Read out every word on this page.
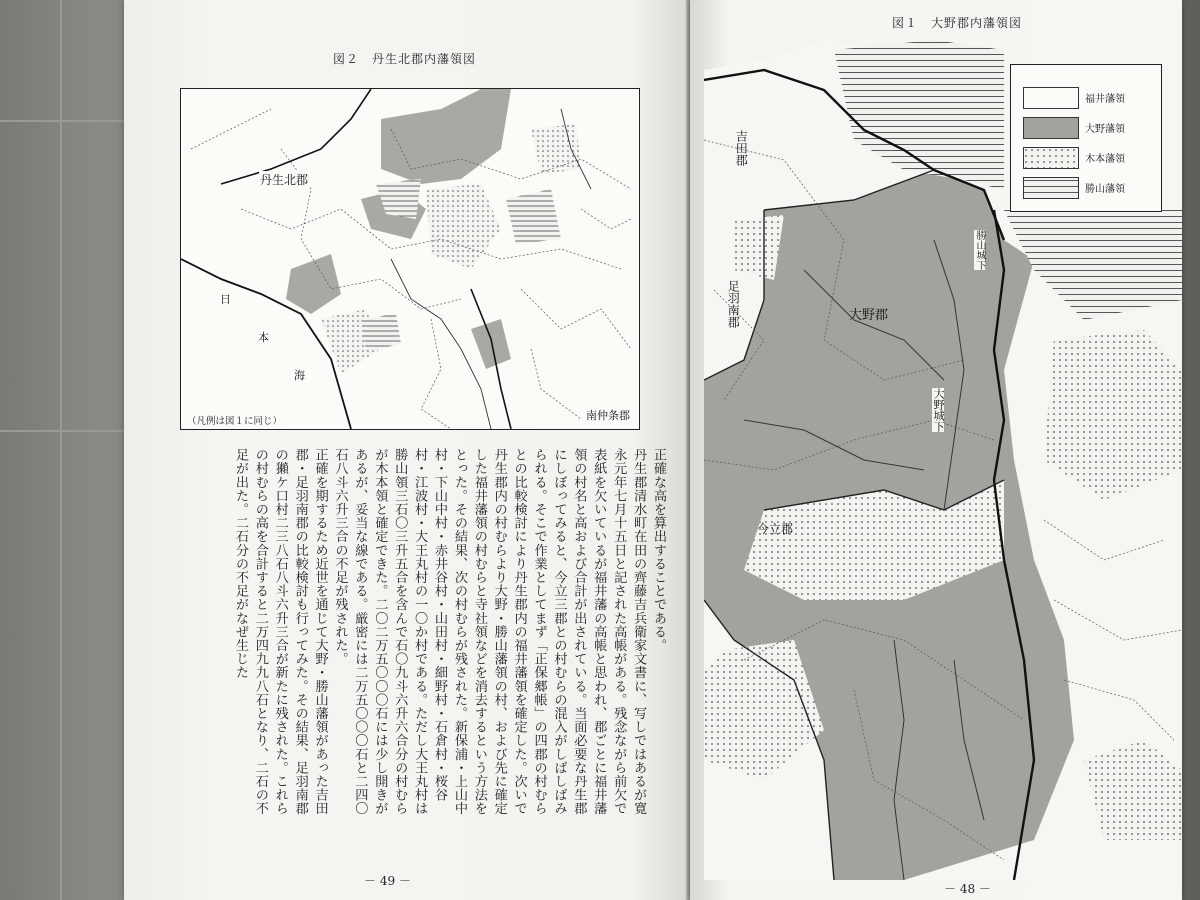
図２　丹生北郡内藩領図
丹生北郡
日
本
海
南仲条郡
（凡例は図１に同じ）

正確な高を算出することである。

丹生郡清水町在田の齊藤吉兵衛家文書に、写しではあるが寛永元年七月十五日と記された高帳がある。残念ながら前欠で表紙を欠いているが福井藩の高帳と思われ、郡ごとに福井藩領の村名と高および合計が出されている。当面必要な丹生郡にしぼってみると、今立三郡との村むらの混入がしばしばみられる。そこで作業としてまず「正保郷帳」の四郡の村むらとの比較検討により丹生郡内の福井藩領を確定した。次いで丹生郡内の村むらより大野・勝山藩領の村、および先に確定した福井藩領の村むらと寺社領などを消去するという方法をとった。その結果、次の村むらが残された。新保浦・上山中村・下山中村・赤井谷村・山田村・細野村・石倉村・桜谷村・江波村・大王丸村の一〇か村である。ただし大王丸村は勝山領三石〇三升五合を含んで石〇九斗六升六合分の村むらが木本領と確定できた。二〇二万五〇〇〇石には少し開きがあるが、妥当な線である。厳密には二万五〇〇〇石と二四〇石八斗六升三合の不足が残された。

正確を期するため近世を通じて大野・勝山藩領があった吉田郡・足羽南郡の比較検討も行ってみた。その結果、足羽南郡の獺ケ口村二三八石八斗六升三合が新たに残された。これらの村むらの高を合計すると二万四九九八石となり、二石の不足が出た。二石分の不足がなぜ生じた

－ 49 －
図１　大野郡内藩領図
吉田郡
足羽南郡	大野郡
今立郡
勝山城下
大野城下
福井藩領
大野藩領
木本藩領
勝山藩領
－ 48 －
